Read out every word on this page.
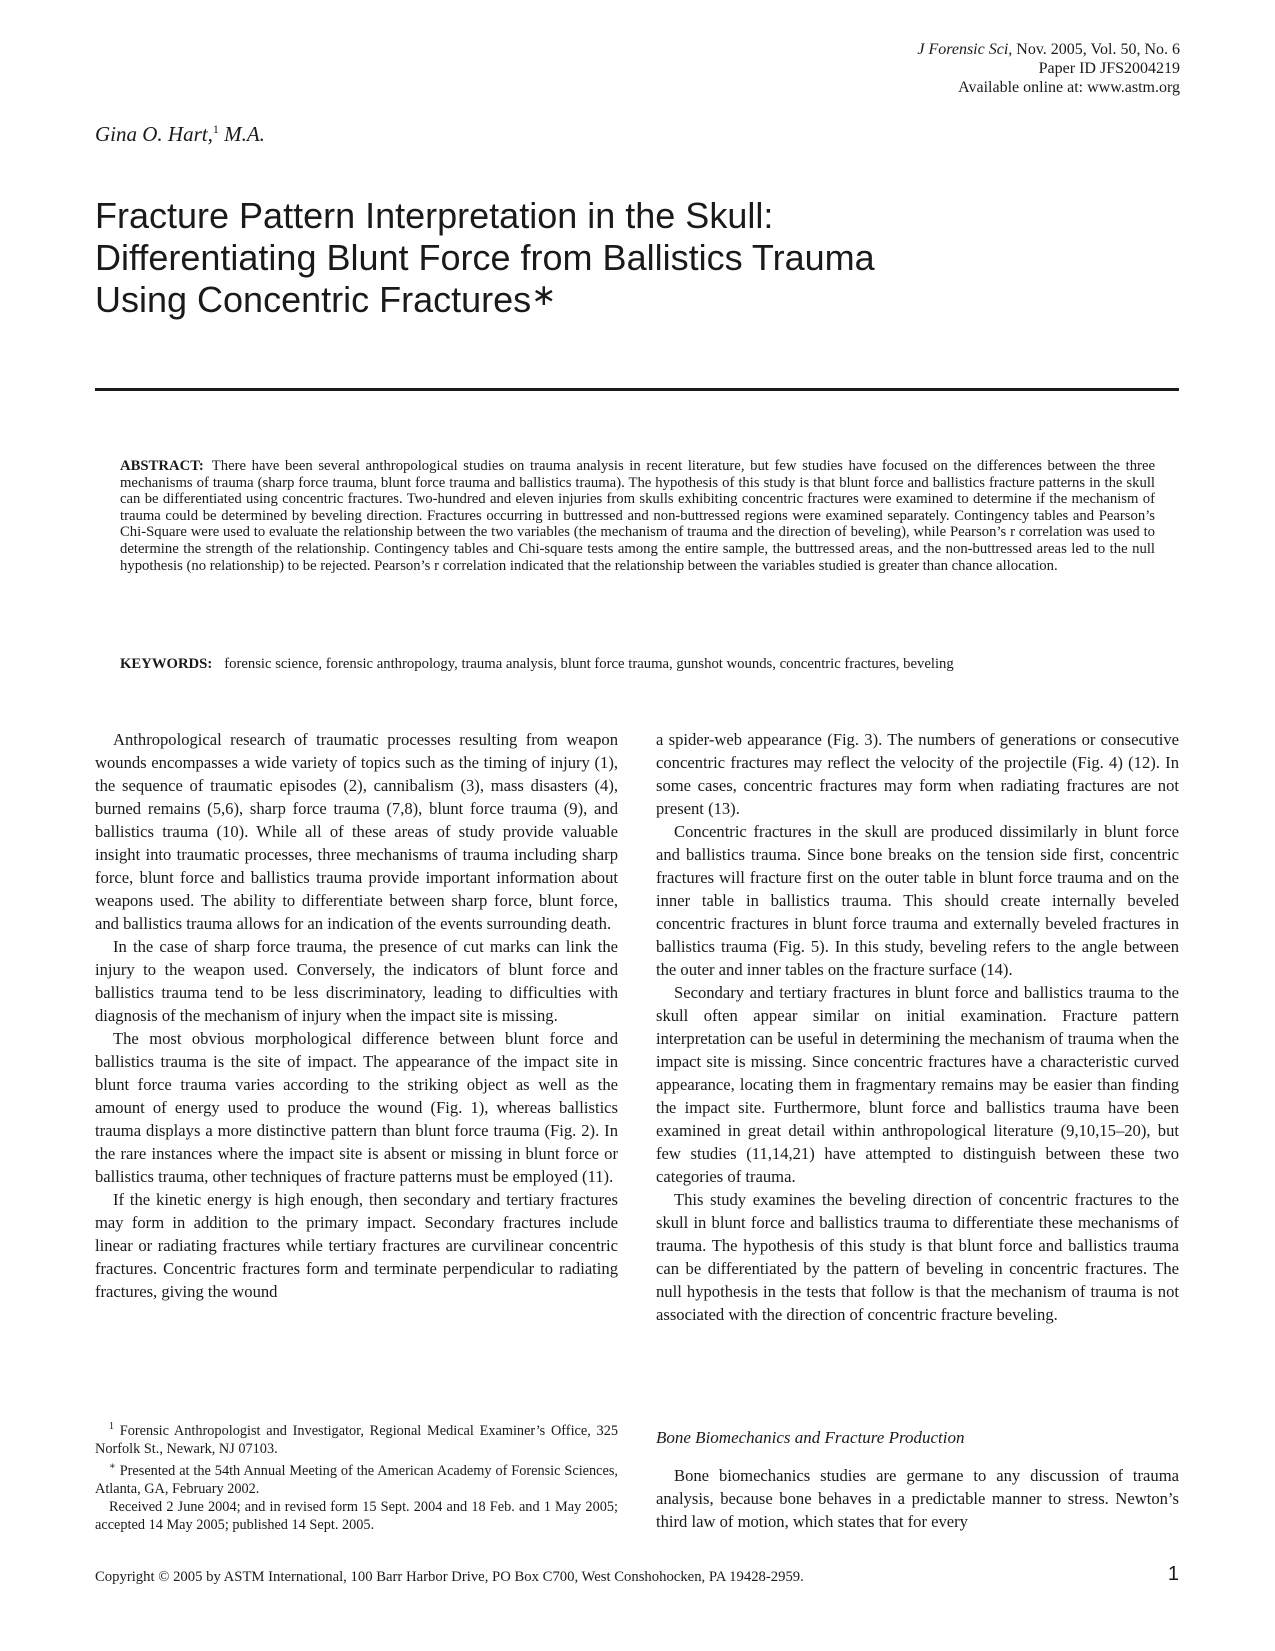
J Forensic Sci, Nov. 2005, Vol. 50, No. 6
Paper ID JFS2004219
Available online at: www.astm.org
Gina O. Hart,$^1$ M.A.
Fracture Pattern Interpretation in the Skull:
Differentiating Blunt Force from Ballistics Trauma
Using Concentric Fractures∗
ABSTRACT: There have been several anthropological studies on trauma analysis in recent literature, but few studies have focused on the differences between the three mechanisms of trauma (sharp force trauma, blunt force trauma and ballistics trauma). The hypothesis of this study is that blunt force and ballistics fracture patterns in the skull can be differentiated using concentric fractures. Two-hundred and eleven injuries from skulls exhibiting concentric fractures were examined to determine if the mechanism of trauma could be determined by beveling direction. Fractures occurring in buttressed and non-buttressed regions were examined separately. Contingency tables and Pearson’s Chi-Square were used to evaluate the relationship between the two variables (the mechanism of trauma and the direction of beveling), while Pearson’s r correlation was used to determine the strength of the relationship. Contingency tables and Chi-square tests among the entire sample, the buttressed areas, and the non-buttressed areas led to the null hypothesis (no relationship) to be rejected. Pearson’s r correlation indicated that the relationship between the variables studied is greater than chance allocation.
KEYWORDS: forensic science, forensic anthropology, trauma analysis, blunt force trauma, gunshot wounds, concentric fractures, beveling

Anthropological research of traumatic processes resulting from weapon wounds encompasses a wide variety of topics such as the timing of injury (1), the sequence of traumatic episodes (2), cannibalism (3), mass disasters (4), burned remains (5,6), sharp force trauma (7,8), blunt force trauma (9), and ballistics trauma (10). While all of these areas of study provide valuable insight into traumatic processes, three mechanisms of trauma including sharp force, blunt force and ballistics trauma provide important information about weapons used. The ability to differentiate between sharp force, blunt force, and ballistics trauma allows for an indication of the events surrounding death.

In the case of sharp force trauma, the presence of cut marks can link the injury to the weapon used. Conversely, the indicators of blunt force and ballistics trauma tend to be less discriminatory, leading to difficulties with diagnosis of the mechanism of injury when the impact site is missing.

The most obvious morphological difference between blunt force and ballistics trauma is the site of impact. The appearance of the impact site in blunt force trauma varies according to the striking object as well as the amount of energy used to produce the wound (Fig. 1), whereas ballistics trauma displays a more distinctive pattern than blunt force trauma (Fig. 2). In the rare instances where the impact site is absent or missing in blunt force or ballistics trauma, other techniques of fracture patterns must be employed (11).

If the kinetic energy is high enough, then secondary and tertiary fractures may form in addition to the primary impact. Secondary fractures include linear or radiating fractures while tertiary fractures are curvilinear concentric fractures. Concentric fractures form and terminate perpendicular to radiating fractures, giving the wound

$^1$ Forensic Anthropologist and Investigator, Regional Medical Examiner’s Office, 325 Norfolk St., Newark, NJ 07103.

∗ Presented at the 54th Annual Meeting of the American Academy of Forensic Sciences, Atlanta, GA, February 2002.

Received 2 June 2004; and in revised form 15 Sept. 2004 and 18 Feb. and 1 May 2005; accepted 14 May 2005; published 14 Sept. 2005.

a spider-web appearance (Fig. 3). The numbers of generations or consecutive concentric fractures may reflect the velocity of the projectile (Fig. 4) (12). In some cases, concentric fractures may form when radiating fractures are not present (13).

Concentric fractures in the skull are produced dissimilarly in blunt force and ballistics trauma. Since bone breaks on the tension side first, concentric fractures will fracture first on the outer table in blunt force trauma and on the inner table in ballistics trauma. This should create internally beveled concentric fractures in blunt force trauma and externally beveled fractures in ballistics trauma (Fig. 5). In this study, beveling refers to the angle between the outer and inner tables on the fracture surface (14).

Secondary and tertiary fractures in blunt force and ballistics trauma to the skull often appear similar on initial examination. Fracture pattern interpretation can be useful in determining the mechanism of trauma when the impact site is missing. Since concentric fractures have a characteristic curved appearance, locating them in fragmentary remains may be easier than finding the impact site. Furthermore, blunt force and ballistics trauma have been examined in great detail within anthropological literature (9,10,15–20), but few studies (11,14,21) have attempted to distinguish between these two categories of trauma.

This study examines the beveling direction of concentric fractures to the skull in blunt force and ballistics trauma to differentiate these mechanisms of trauma. The hypothesis of this study is that blunt force and ballistics trauma can be differentiated by the pattern of beveling in concentric fractures. The null hypothesis in the tests that follow is that the mechanism of trauma is not associated with the direction of concentric fracture beveling.

Bone Biomechanics and Fracture Production

Bone biomechanics studies are germane to any discussion of trauma analysis, because bone behaves in a predictable manner to stress. Newton’s third law of motion, which states that for every

Copyright © 2005 by ASTM International, 100 Barr Harbor Drive, PO Box C700, West Conshohocken, PA 19428-2959.	1
